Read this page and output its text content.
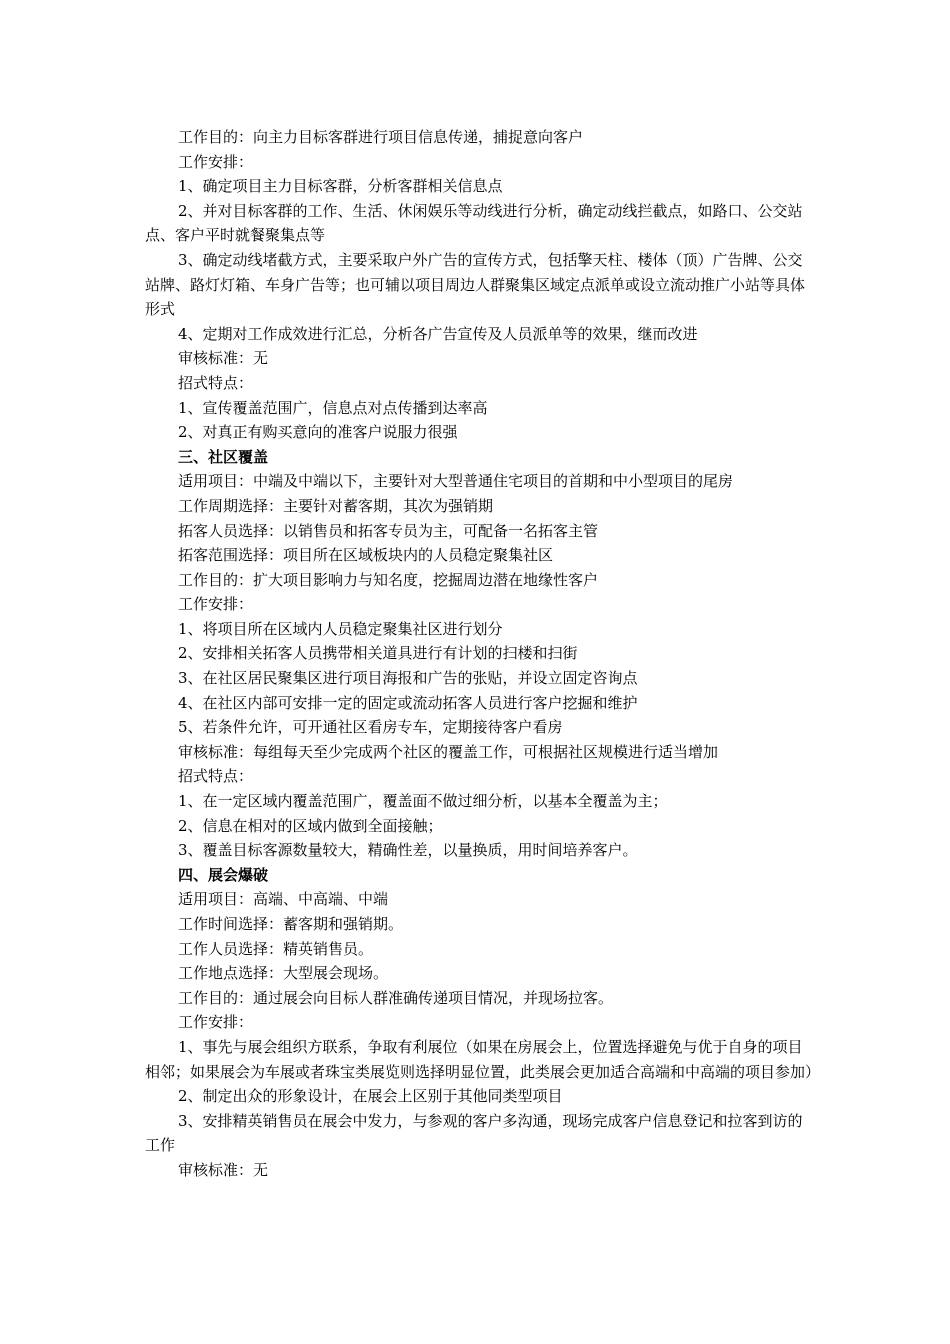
工作目的：向主力目标客群进行项目信息传递，捕捉意向客户

工作安排：

1、确定项目主力目标客群，分析客群相关信息点

2、并对目标客群的工作、生活、休闲娱乐等动线进行分析，确定动线拦截点，如路口、公交站点、客户平时就餐聚集点等

3、确定动线堵截方式，主要采取户外广告的宣传方式，包括擎天柱、楼体（顶）广告牌、公交站牌、路灯灯箱、车身广告等；也可辅以项目周边人群聚集区域定点派单或设立流动推广小站等具体形式

4、定期对工作成效进行汇总，分析各广告宣传及人员派单等的效果，继而改进

审核标准：无

招式特点：

1、宣传覆盖范围广，信息点对点传播到达率高

2、对真正有购买意向的准客户说服力很强

三、社区覆盖

适用项目：中端及中端以下，主要针对大型普通住宅项目的首期和中小型项目的尾房

工作周期选择：主要针对蓄客期，其次为强销期

拓客人员选择：以销售员和拓客专员为主，可配备一名拓客主管

拓客范围选择：项目所在区域板块内的人员稳定聚集社区

工作目的：扩大项目影响力与知名度，挖掘周边潜在地缘性客户

工作安排：

1、将项目所在区域内人员稳定聚集社区进行划分

2、安排相关拓客人员携带相关道具进行有计划的扫楼和扫街

3、在社区居民聚集区进行项目海报和广告的张贴，并设立固定咨询点

4、在社区内部可安排一定的固定或流动拓客人员进行客户挖掘和维护

5、若条件允许，可开通社区看房专车，定期接待客户看房

审核标准：每组每天至少完成两个社区的覆盖工作，可根据社区规模进行适当增加

招式特点：

1、在一定区域内覆盖范围广，覆盖面不做过细分析，以基本全覆盖为主；

2、信息在相对的区域内做到全面接触；

3、覆盖目标客源数量较大，精确性差，以量换质，用时间培养客户。

四、展会爆破

适用项目：高端、中高端、中端

工作时间选择：蓄客期和强销期。

工作人员选择：精英销售员。

工作地点选择：大型展会现场。

工作目的：通过展会向目标人群准确传递项目情况，并现场拉客。

工作安排：

1、事先与展会组织方联系，争取有利展位（如果在房展会上，位置选择避免与优于自身的项目相邻；如果展会为车展或者珠宝类展览则选择明显位置，此类展会更加适合高端和中高端的项目参加）

2、制定出众的形象设计，在展会上区别于其他同类型项目

3、安排精英销售员在展会中发力，与参观的客户多沟通，现场完成客户信息登记和拉客到访的工作

审核标准：无
